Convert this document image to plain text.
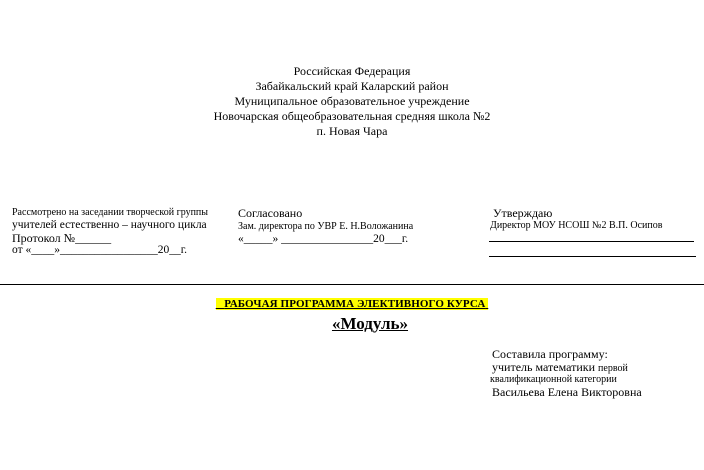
Российская Федерация
Забайкальский край Каларский район
Муниципальное образовательное учреждение
Новочарская общеобразовательная средняя школа №2
п. Новая Чара
Рассмотрено на заседании творческой группы
учителей естественно – научного цикла
Протокол №______
от «____»_________________20__г.
Согласовано
Зам. директора по УВР Е. Н.Воложанина
«_____» ________________20___г.
Утверждаю
Директор МОУ НСОШ №2 В.П. Осипов
РАБОЧАЯ ПРОГРАММА ЭЛЕКТИВНОГО КУРСА
«Модуль»
Составила программу:
учитель математики первой
квалификационной категории
Васильева Елена Викторовна
